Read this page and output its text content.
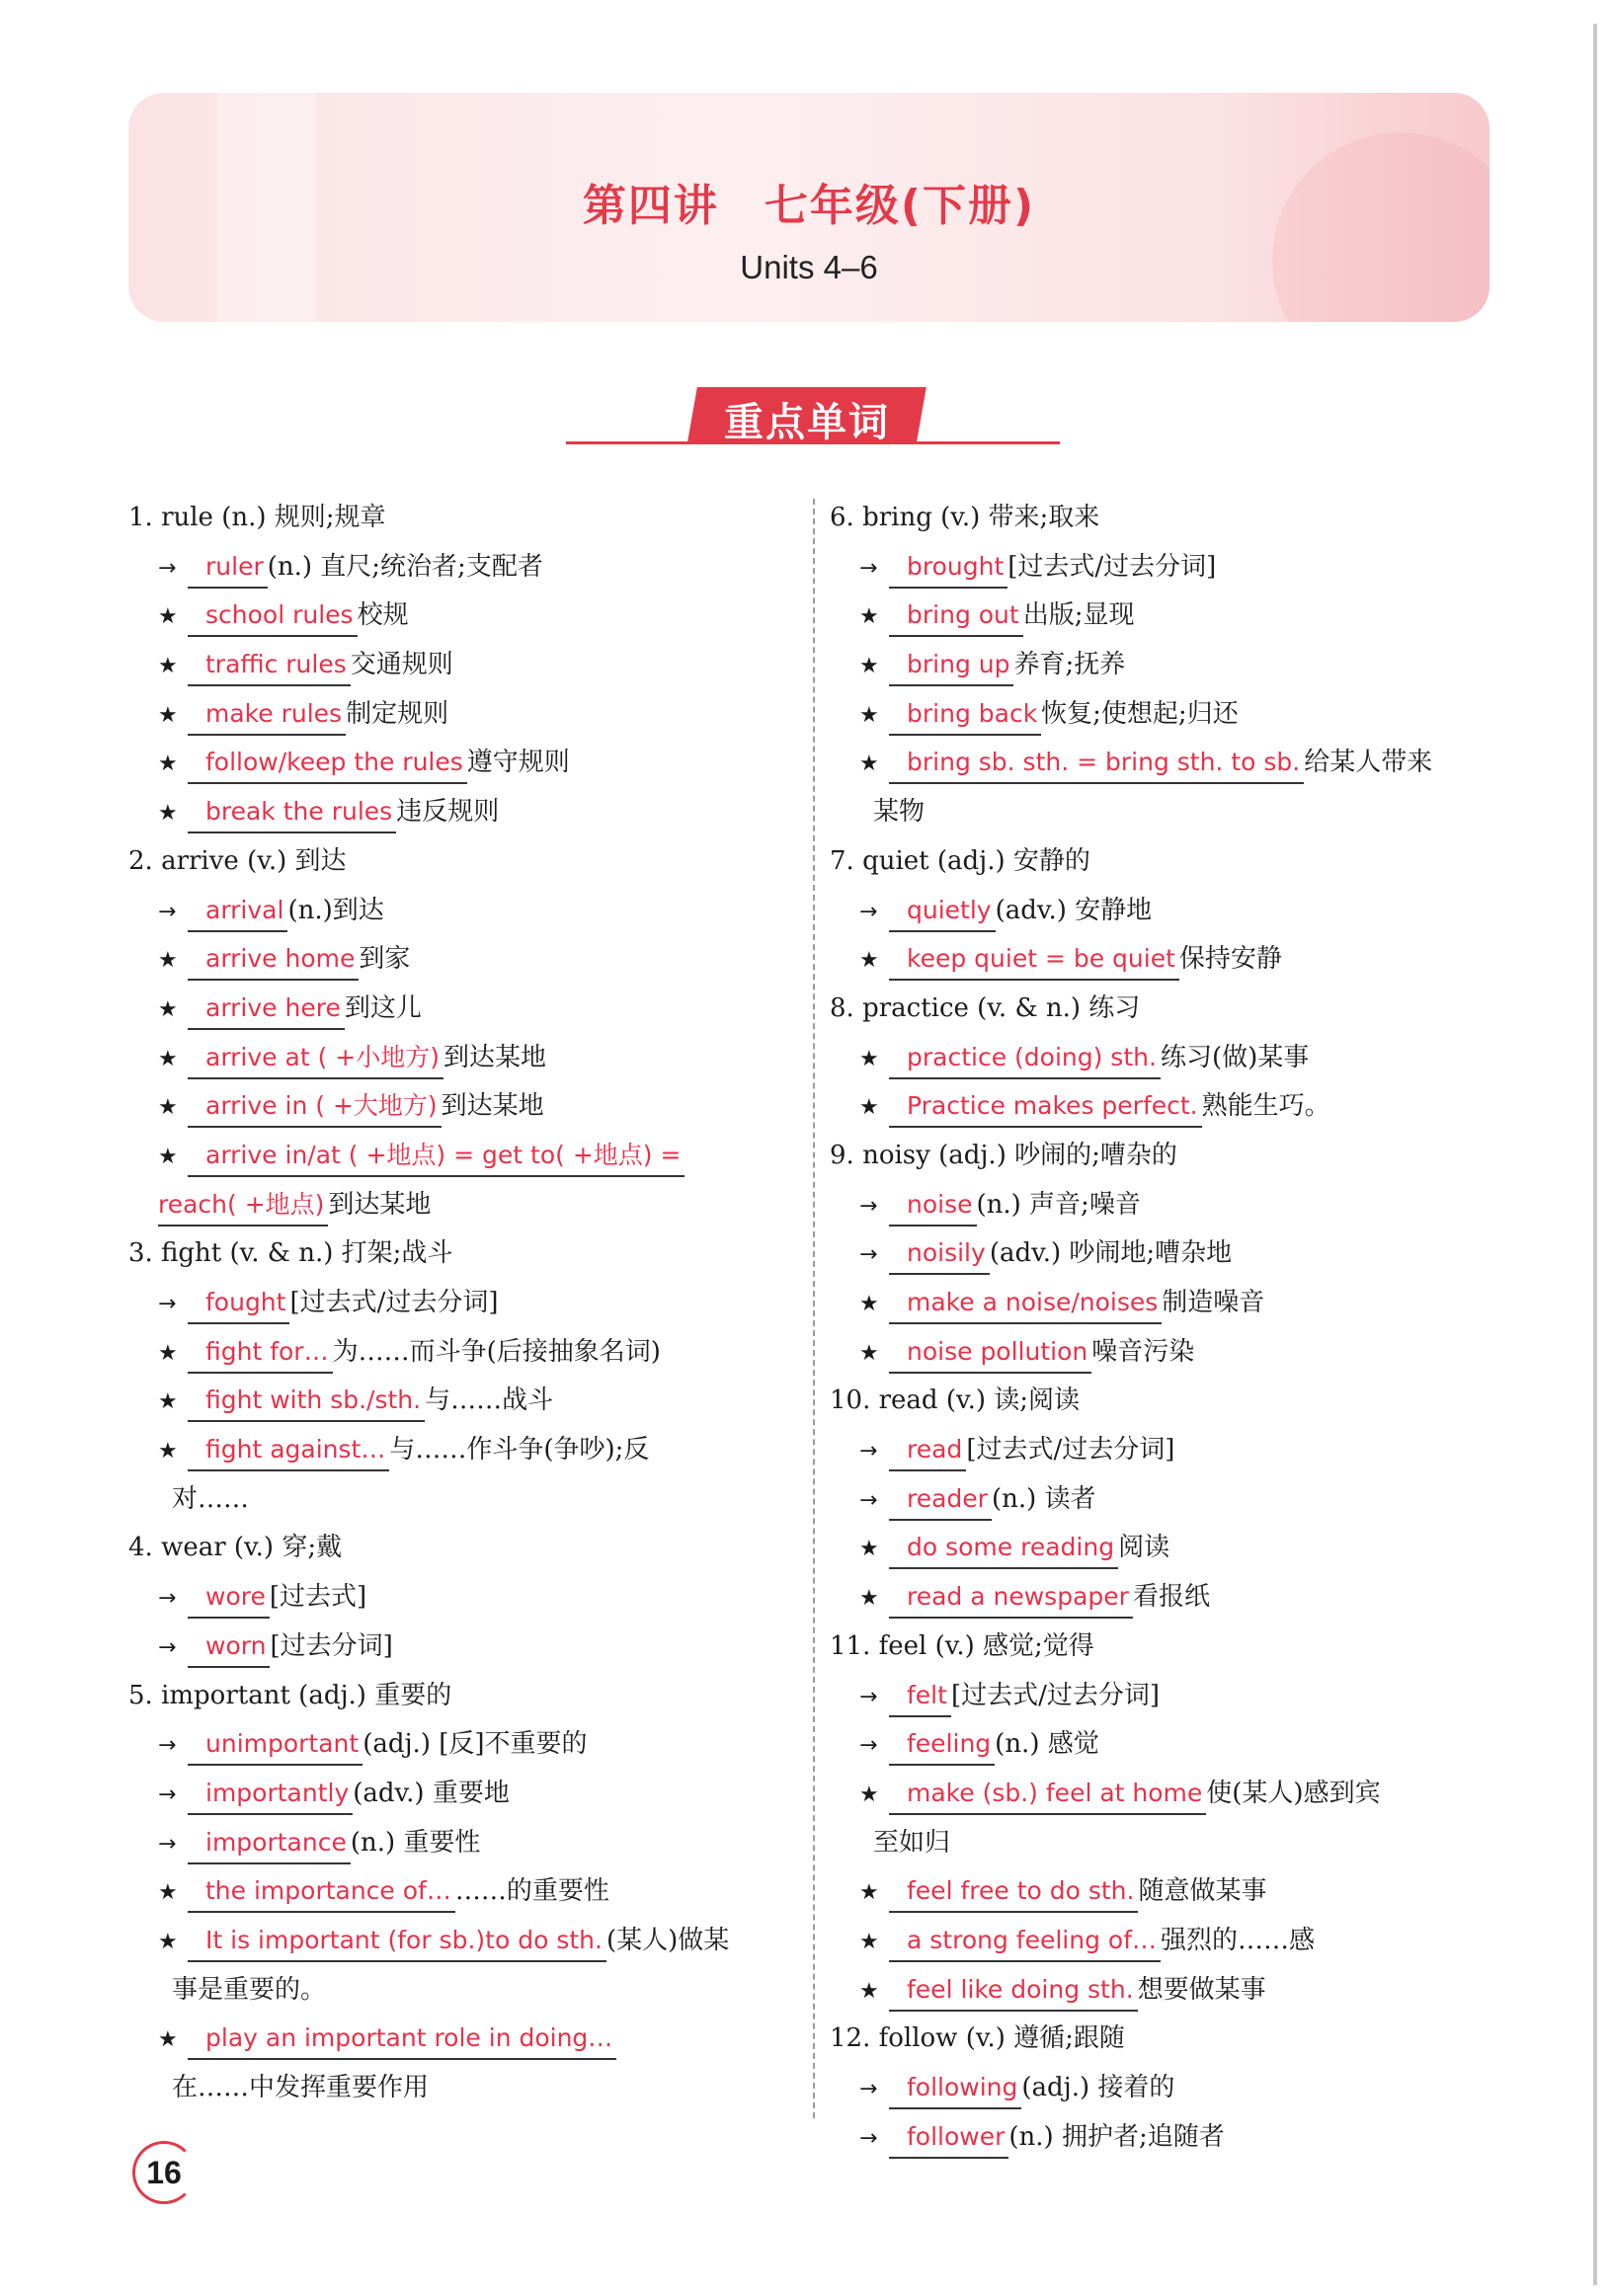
第四讲　七年级(下册)
Units 4–6
重点单词
1. rule (n.) 规则;规章
→ ruler (n.) 直尺;统治者;支配者
★ school rules 校规
★ traffic rules 交通规则
★ make rules 制定规则
★ follow/keep the rules 遵守规则
★ break the rules 违反规则
2. arrive (v.) 到达
→ arrival (n.)到达
★ arrive home 到家
★ arrive here 到这儿
★ arrive at ( +小地方) 到达某地
★ arrive in ( +大地方) 到达某地
★ arrive in/at ( +地点) = get to( +地点) =
reach( +地点) 到达某地
3. fight (v. & n.) 打架;战斗
→ fought [过去式/过去分词]
★ fight for… 为……而斗争(后接抽象名词)
★ fight with sb./sth. 与……战斗
★ fight against… 与……作斗争(争吵);反
对……
4. wear (v.) 穿;戴
→ wore [过去式]
→ worn [过去分词]
5. important (adj.) 重要的
→ unimportant (adj.) [反]不重要的
→ importantly (adv.) 重要地
→ importance (n.) 重要性
★ the importance of… ……的重要性
★ It is important (for sb.)to do sth. (某人)做某
事是重要的。
★ play an important role in doing…
在……中发挥重要作用
6. bring (v.) 带来;取来
→ brought [过去式/过去分词]
★ bring out 出版;显现
★ bring up 养育;抚养
★ bring back 恢复;使想起;归还
★ bring sb. sth. = bring sth. to sb. 给某人带来
某物
7. quiet (adj.) 安静的
→ quietly (adv.) 安静地
★ keep quiet = be quiet 保持安静
8. practice (v. & n.) 练习
★ practice (doing) sth. 练习(做)某事
★ Practice makes perfect. 熟能生巧。
9. noisy (adj.) 吵闹的;嘈杂的
→ noise (n.) 声音;噪音
→ noisily (adv.) 吵闹地;嘈杂地
★ make a noise/noises 制造噪音
★ noise pollution 噪音污染
10. read (v.) 读;阅读
→ read [过去式/过去分词]
→ reader (n.) 读者
★ do some reading 阅读
★ read a newspaper 看报纸
11. feel (v.) 感觉;觉得
→ felt [过去式/过去分词]
→ feeling (n.) 感觉
★ make (sb.) feel at home 使(某人)感到宾
至如归
★ feel free to do sth. 随意做某事
★ a strong feeling of… 强烈的……感
★ feel like doing sth. 想要做某事
12. follow (v.) 遵循;跟随
→ following (adj.) 接着的
→ follower (n.) 拥护者;追随者
16
